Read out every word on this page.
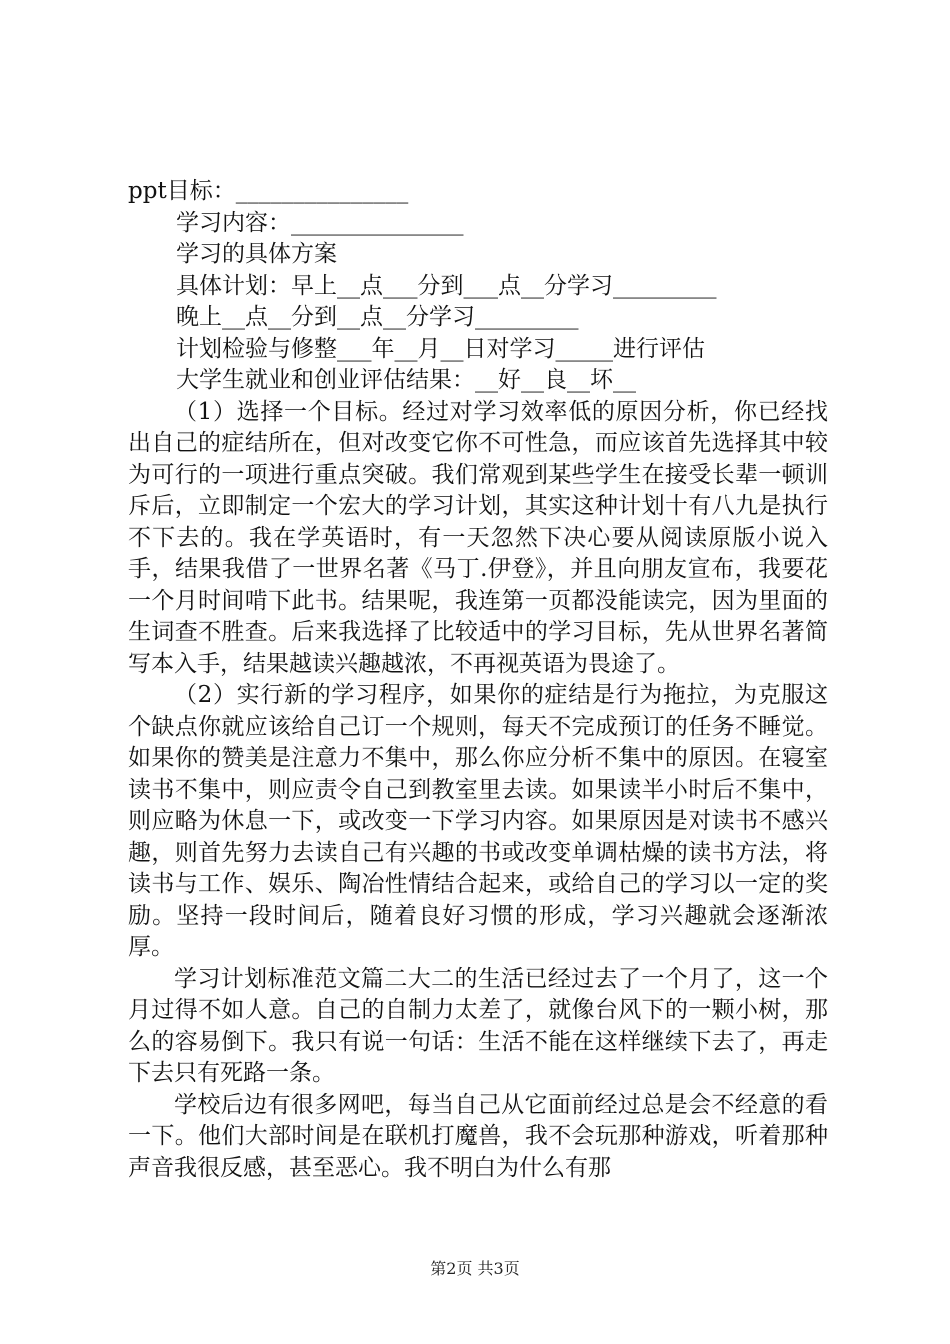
ppt目标：_______________

学习内容：_______________

学习的具体方案

具体计划：早上__点___分到___点__分学习_________

晚上__点__分到__点__分学习_________

计划检验与修整___年__月__日对学习_____进行评估

大学生就业和创业评估结果：__好__良__坏__

（1）选择一个目标。经过对学习效率低的原因分析，你已经找出自己的症结所在，但对改变它你不可性急，而应该首先选择其中较为可行的一项进行重点突破。我们常观到某些学生在接受长辈一顿训斥后，立即制定一个宏大的学习计划，其实这种计划十有八九是执行不下去的。我在学英语时，有一天忽然下决心要从阅读原版小说入手，结果我借了一世界名著《马丁.伊登》，并且向朋友宣布，我要花一个月时间啃下此书。结果呢，我连第一页都没能读完，因为里面的生词查不胜查。后来我选择了比较适中的学习目标，先从世界名著简写本入手，结果越读兴趣越浓，不再视英语为畏途了。

（2）实行新的学习程序，如果你的症结是行为拖拉，为克服这个缺点你就应该给自己订一个规则，每天不完成预订的任务不睡觉。如果你的赞美是注意力不集中，那么你应分析不集中的原因。在寝室读书不集中，则应责令自己到教室里去读。如果读半小时后不集中，则应略为休息一下，或改变一下学习内容。如果原因是对读书不感兴趣，则首先努力去读自己有兴趣的书或改变单调枯燥的读书方法，将读书与工作、娱乐、陶冶性情结合起来，或给自己的学习以一定的奖励。坚持一段时间后，随着良好习惯的形成，学习兴趣就会逐渐浓厚。

学习计划标准范文篇二大二的生活已经过去了一个月了，这一个月过得不如人意。自己的自制力太差了，就像台风下的一颗小树，那么的容易倒下。我只有说一句话：生活不能在这样继续下去了，再走下去只有死路一条。

学校后边有很多网吧，每当自己从它面前经过总是会不经意的看一下。他们大部时间是在联机打魔兽，我不会玩那种游戏，听着那种声音我很反感，甚至恶心。我不明白为什么有那

第2页 共3页
